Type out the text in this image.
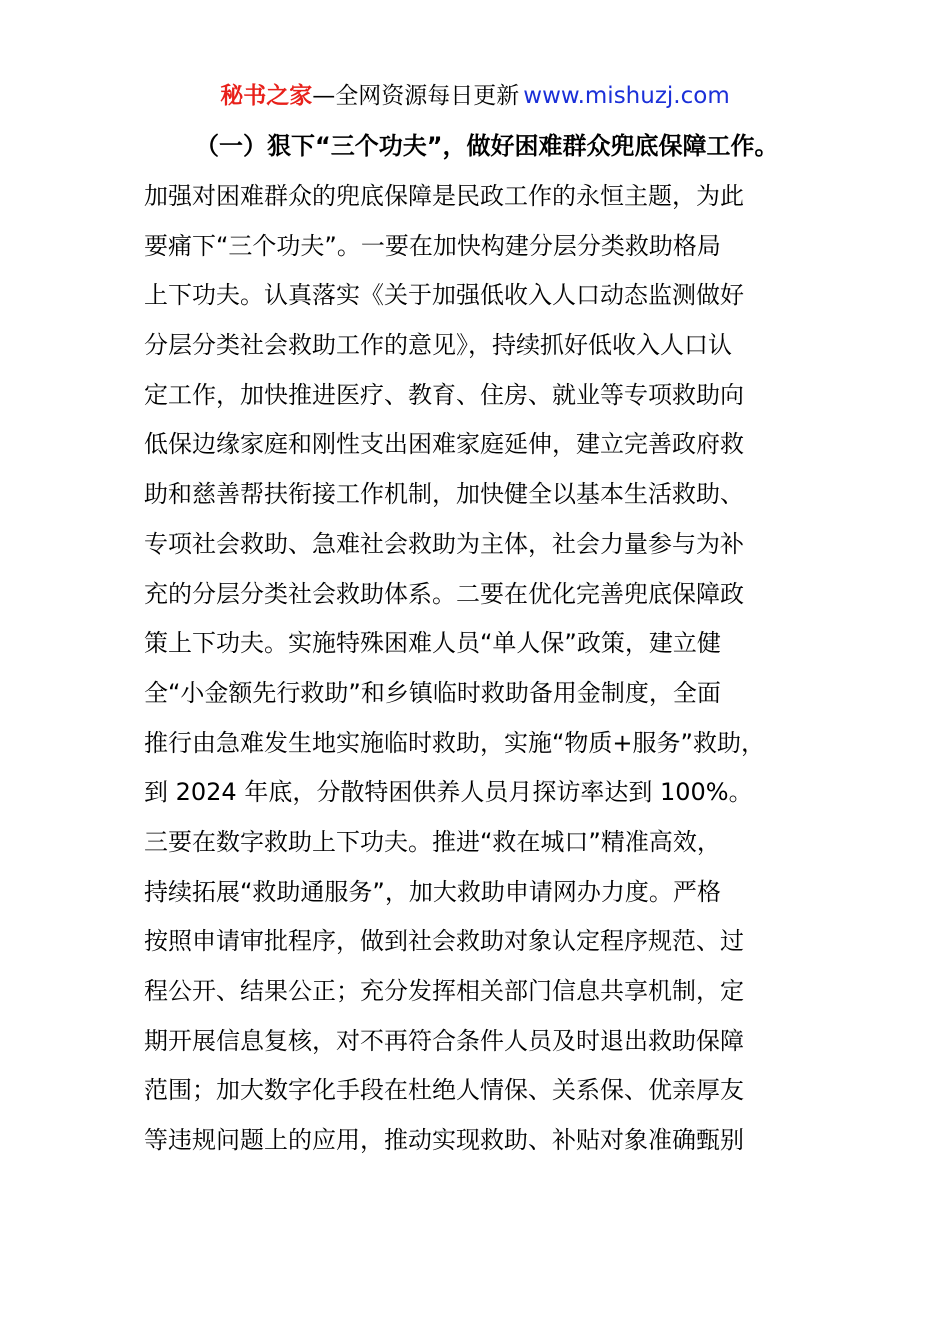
秘书之家—全网资源每日更新 www.mishuzj.com
（一）狠下“三个功夫”，做好困难群众兜底保障工作。
加强对困难群众的兜底保障是民政工作的永恒主题，为此
要痛下“三个功夫”。一要在加快构建分层分类救助格局
上下功夫。认真落实《关于加强低收入人口动态监测做好
分层分类社会救助工作的意见》，持续抓好低收入人口认
定工作，加快推进医疗、教育、住房、就业等专项救助向
低保边缘家庭和刚性支出困难家庭延伸，建立完善政府救
助和慈善帮扶衔接工作机制，加快健全以基本生活救助、
专项社会救助、急难社会救助为主体，社会力量参与为补
充的分层分类社会救助体系。二要在优化完善兜底保障政
策上下功夫。实施特殊困难人员“单人保”政策，建立健
全“小金额先行救助”和乡镇临时救助备用金制度，全面
推行由急难发生地实施临时救助，实施“物质+服务”救助，
到 2024 年底，分散特困供养人员月探访率达到 100%。
三要在数字救助上下功夫。推进“救在城口”精准高效，
持续拓展“救助通服务”，加大救助申请网办力度。严格
按照申请审批程序，做到社会救助对象认定程序规范、过
程公开、结果公正；充分发挥相关部门信息共享机制，定
期开展信息复核，对不再符合条件人员及时退出救助保障
范围；加大数字化手段在杜绝人情保、关系保、优亲厚友
等违规问题上的应用，推动实现救助、补贴对象准确甄别
